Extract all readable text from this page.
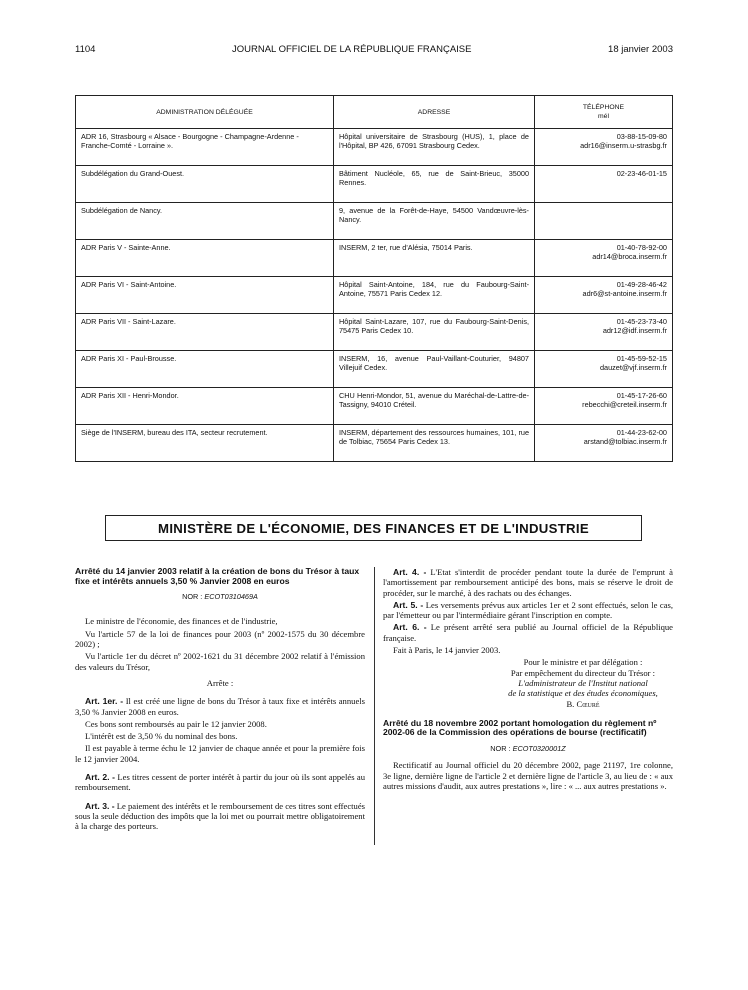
1104	JOURNAL OFFICIEL DE LA RÉPUBLIQUE FRANÇAISE	18 janvier 2003
ADMINISTRATION DÉLÉGUÉE	ADRESSE	TÉLÉPHONE
mél

ADR 16, Strasbourg « Alsace - Bourgogne - Champagne-Ardenne - Franche-Comté - Lorraine ».	Hôpital universitaire de Strasbourg (HUS), 1, place de l'Hôpital, BP 426, 67091 Strasbourg Cedex.	03-88-15-09-80
adr16@inserm.u-strasbg.fr

Subdélégation du Grand-Ouest.	Bâtiment Nucléole, 65, rue de Saint-Brieuc, 35000 Rennes.	02-23-46-01-15

Subdélégation de Nancy.	9, avenue de la Forêt-de-Haye, 54500 Vandœuvre-lès-Nancy.	

ADR Paris V - Sainte-Anne.	INSERM, 2 ter, rue d'Alésia, 75014 Paris.	01-40-78-92-00
adr14@broca.inserm.fr

ADR Paris VI - Saint-Antoine.	Hôpital Saint-Antoine, 184, rue du Faubourg-Saint-Antoine, 75571 Paris Cedex 12.	01-49-28-46-42
adr6@st-antoine.inserm.fr

ADR Paris VII - Saint-Lazare.	Hôpital Saint-Lazare, 107, rue du Faubourg-Saint-Denis, 75475 Paris Cedex 10.	01-45-23-73-40
adr12@idf.inserm.fr

ADR Paris XI - Paul-Brousse.	INSERM, 16, avenue Paul-Vaillant-Couturier, 94807 Villejuif Cedex.	01-45-59-52-15
dauzet@vjf.inserm.fr

ADR Paris XII - Henri-Mondor.	CHU Henri-Mondor, 51, avenue du Maréchal-de-Lattre-de-Tassigny, 94010 Créteil.	01-45-17-26-60
rebecchi@creteil.inserm.fr

Siège de l'INSERM, bureau des ITA, secteur recrutement.	INSERM, département des ressources humaines, 101, rue de Tolbiac, 75654 Paris Cedex 13.	01-44-23-62-00
arstand@tolbiac.inserm.fr
MINISTÈRE DE L'ÉCONOMIE, DES FINANCES ET DE L'INDUSTRIE
Arrêté du 14 janvier 2003 relatif à la création de bons du Trésor à taux fixe et intérêts annuels 3,50 % Janvier 2008 en euros
NOR : ECOT0310469A

Le ministre de l'économie, des finances et de l'industrie,

Vu l'article 57 de la loi de finances pour 2003 (nº 2002-1575 du 30 décembre 2002) ;

Vu l'article 1er du décret nº 2002-1621 du 31 décembre 2002 relatif à l'émission des valeurs du Trésor,

Arrête :

Art. 1er. - Il est créé une ligne de bons du Trésor à taux fixe et intérêts annuels 3,50 % Janvier 2008 en euros.

Ces bons sont remboursés au pair le 12 janvier 2008.

L'intérêt est de 3,50 % du nominal des bons.

Il est payable à terme échu le 12 janvier de chaque année et pour la première fois le 12 janvier 2004.

Art. 2. - Les titres cessent de porter intérêt à partir du jour où ils sont appelés au remboursement.

Art. 3. - Le paiement des intérêts et le remboursement de ces titres sont effectués sous la seule déduction des impôts que la loi met ou pourrait mettre obligatoirement à la charge des porteurs.

Art. 4. - L'Etat s'interdit de procéder pendant toute la durée de l'emprunt à l'amortissement par remboursement anticipé des bons, mais se réserve le droit de procéder, sur le marché, à des rachats ou des échanges.

Art. 5. - Les versements prévus aux articles 1er et 2 sont effectués, selon le cas, par l'émetteur ou par l'intermédiaire gérant l'inscription en compte.

Art. 6. - Le présent arrêté sera publié au Journal officiel de la République française.

Fait à Paris, le 14 janvier 2003.

Pour le ministre et par délégation :

Par empêchement du directeur du Trésor :

L'administrateur de l'Institut national

de la statistique et des études économiques,

B. Cœuré

Arrêté du 18 novembre 2002 portant homologation du règlement nº 2002-06 de la Commission des opérations de bourse (rectificatif)
NOR : ECOT0320001Z

Rectificatif au Journal officiel du 20 décembre 2002, page 21197, 1re colonne, 3e ligne, dernière ligne de l'article 2 et dernière ligne de l'article 3, au lieu de : « aux autres missions d'audit, aux autres prestations », lire : « ... aux autres prestations ».
